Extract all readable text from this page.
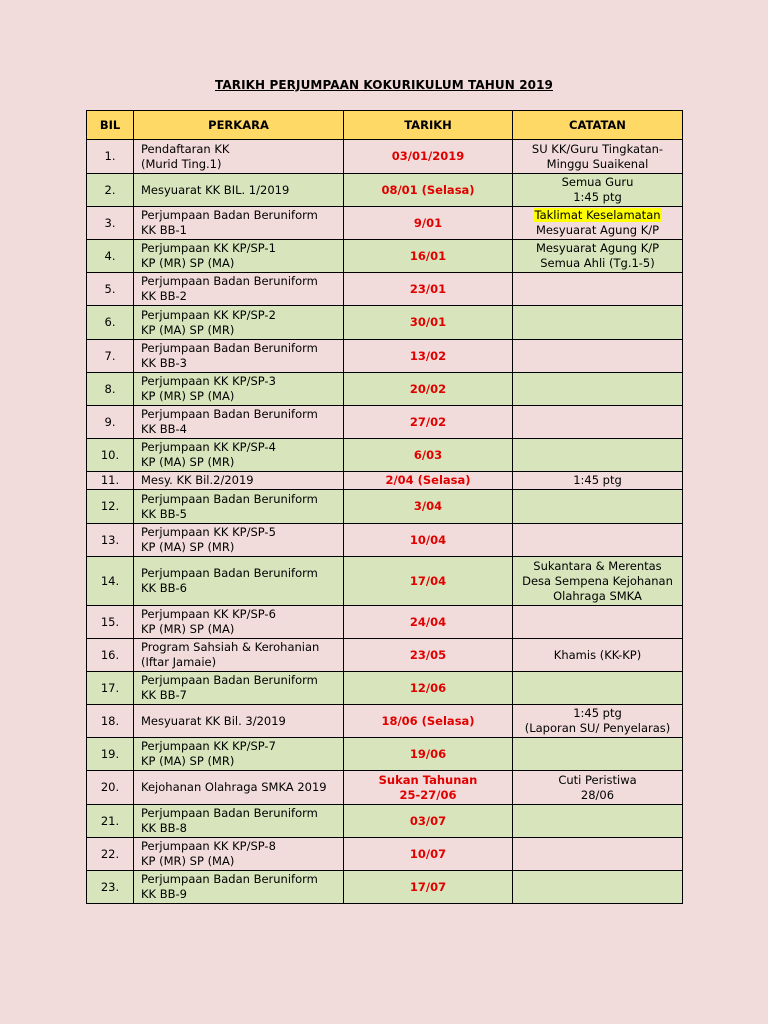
TARIKH PERJUMPAAN KOKURIKULUM TAHUN 2019
BIL	PERKARA	TARIKH	CATATAN
1.	Pendaftaran KK
(Murid Ting.1)	03/01/2019	SU KK/Guru Tingkatan-
Minggu Suaikenal

2.	Mesyuarat KK BIL. 1/2019	08/01 (Selasa)	Semua Guru
1:45 ptg

3.	Perjumpaan Badan Beruniform
KK BB-1	9/01	Taklimat Keselamatan
Mesyuarat Agung K/P

4.	Perjumpaan KK KP/SP-1
KP (MR) SP (MA)	16/01	Mesyuarat Agung K/P
Semua Ahli (Tg.1-5)

5.	Perjumpaan Badan Beruniform
KK BB-2	23/01	

6.	Perjumpaan KK KP/SP-2
KP (MA) SP (MR)	30/01	

7.	Perjumpaan Badan Beruniform
KK BB-3	13/02	

8.	Perjumpaan KK KP/SP-3
KP (MR) SP (MA)	20/02	

9.	Perjumpaan Badan Beruniform
KK BB-4	27/02	

10.	Perjumpaan KK KP/SP-4
KP (MA) SP (MR)	6/03	

11.	Mesy. KK Bil.2/2019	2/04 (Selasa)	1:45 ptg

12.	Perjumpaan Badan Beruniform
KK BB-5	3/04	

13.	Perjumpaan KK KP/SP-5
KP (MA) SP (MR)	10/04	

14.	Perjumpaan Badan Beruniform
KK BB-6	17/04	Sukantara & Merentas
Desa Sempena Kejohanan
Olahraga SMKA

15.	Perjumpaan KK KP/SP-6
KP (MR) SP (MA)	24/04	

16.	Program Sahsiah & Kerohanian
(Iftar Jamaie)	23/05	Khamis (KK-KP)

17.	Perjumpaan Badan Beruniform
KK BB-7	12/06	

18.	Mesyuarat KK Bil. 3/2019	18/06 (Selasa)	1:45 ptg
(Laporan SU/ Penyelaras)

19.	Perjumpaan KK KP/SP-7
KP (MA) SP (MR)	19/06	

20.	Kejohanan Olahraga SMKA 2019	Sukan Tahunan
25-27/06	Cuti Peristiwa
28/06

21.	Perjumpaan Badan Beruniform
KK BB-8	03/07	

22.	Perjumpaan KK KP/SP-8
KP (MR) SP (MA)	10/07	

23.	Perjumpaan Badan Beruniform
KK BB-9	17/07	
